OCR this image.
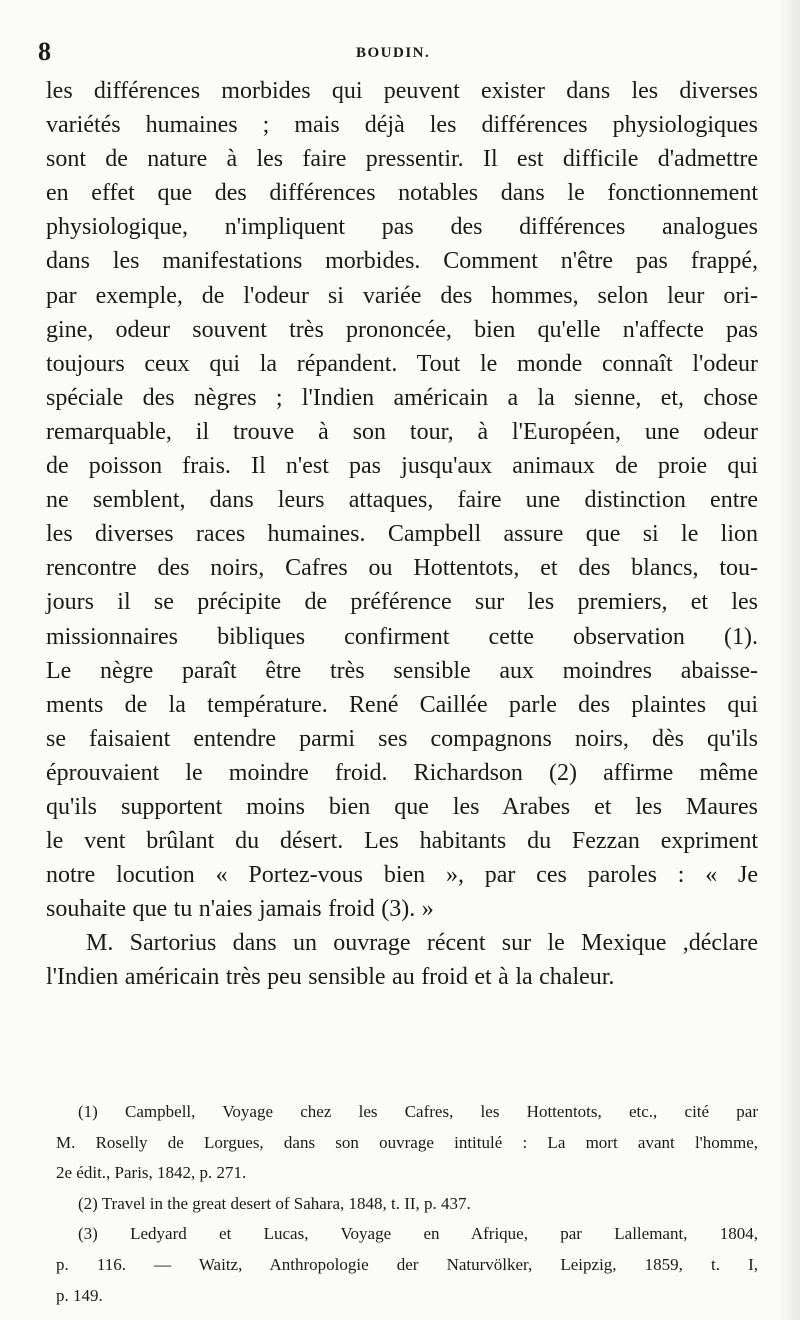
8	BOUDIN.
les différences morbides qui peuvent exister dans les diverses
variétés humaines ; mais déjà les différences physiologiques
sont de nature à les faire pressentir. Il est difficile d'admettre
en effet que des différences notables dans le fonctionnement
physiologique, n'impliquent pas des différences analogues
dans les manifestations morbides. Comment n'être pas frappé,
par exemple, de l'odeur si variée des hommes, selon leur ori-
gine, odeur souvent très prononcée, bien qu'elle n'affecte pas
toujours ceux qui la répandent. Tout le monde connaît l'odeur
spéciale des nègres ; l'Indien américain a la sienne, et, chose
remarquable, il trouve à son tour, à l'Européen, une odeur
de poisson frais. Il n'est pas jusqu'aux animaux de proie qui
ne semblent, dans leurs attaques, faire une distinction entre
les diverses races humaines. Campbell assure que si le lion
rencontre des noirs, Cafres ou Hottentots, et des blancs, tou-
jours il se précipite de préférence sur les premiers, et les
missionnaires bibliques confirment cette observation (1).
Le nègre paraît être très sensible aux moindres abaisse-
ments de la température. René Caillée parle des plaintes qui
se faisaient entendre parmi ses compagnons noirs, dès qu'ils
éprouvaient le moindre froid. Richardson (2) affirme même
qu'ils supportent moins bien que les Arabes et les Maures
le vent brûlant du désert. Les habitants du Fezzan expriment
notre locution « Portez-vous bien », par ces paroles : « Je
souhaite que tu n'aies jamais froid (3). »
M. Sartorius dans un ouvrage récent sur le Mexique ,déclare
l'Indien américain très peu sensible au froid et à la chaleur.
(1) Campbell, Voyage chez les Cafres, les Hottentots, etc., cité par
M. Roselly de Lorgues, dans son ouvrage intitulé : La mort avant l'homme,
2e édit., Paris, 1842, p. 271.
(2) Travel in the great desert of Sahara, 1848, t. II, p. 437.
(3) Ledyard et Lucas, Voyage en Afrique, par Lallemant, 1804,
p. 116. — Waitz, Anthropologie der Naturvölker, Leipzig, 1859, t. I,
p. 149.
